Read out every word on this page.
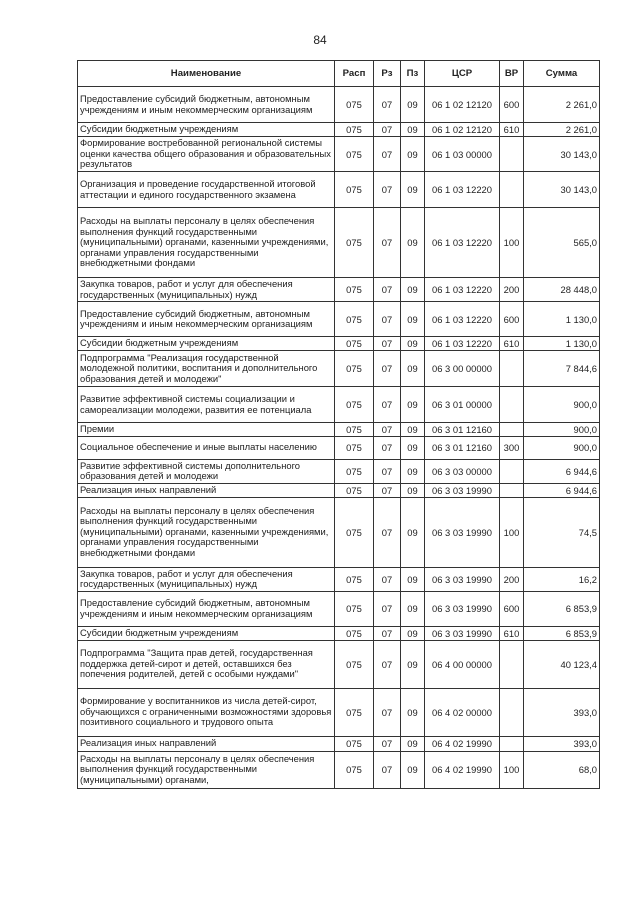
84
Наименование	Расп	Рз	Пз	ЦСР	ВР	Сумма
Предоставление субсидий бюджетным, автономным учреждениям и иным некоммерческим организациям	075	07	09	06 1 02 12120	600	2 261,0
Субсидии бюджетным учреждениям	075	07	09	06 1 02 12120	610	2 261,0
Формирование востребованной региональной системы оценки качества общего образования и образовательных результатов	075	07	09	06 1 03 00000		30 143,0
Организация и проведение государственной итоговой аттестации и единого государственного экзамена	075	07	09	06 1 03 12220		30 143,0
Расходы на выплаты персоналу в целях обеспечения выполнения функций государственными (муниципальными) органами, казенными учреждениями, органами управления государственными внебюджетными фондами	075	07	09	06 1 03 12220	100	565,0
Закупка товаров, работ и услуг для обеспечения государственных (муниципальных) нужд	075	07	09	06 1 03 12220	200	28 448,0
Предоставление субсидий бюджетным, автономным учреждениям и иным некоммерческим организациям	075	07	09	06 1 03 12220	600	1 130,0
Субсидии бюджетным учреждениям	075	07	09	06 1 03 12220	610	1 130,0
Подпрограмма "Реализация государственной молодежной политики, воспитания и дополнительного образования детей и молодежи"	075	07	09	06 3 00 00000		7 844,6
Развитие эффективной системы социализации и самореализации молодежи, развития ее потенциала	075	07	09	06 3 01 00000		900,0
Премии	075	07	09	06 3 01 12160		900,0
Социальное обеспечение и иные выплаты населению	075	07	09	06 3 01 12160	300	900,0
Развитие эффективной системы дополнительного образования детей и молодежи	075	07	09	06 3 03 00000		6 944,6
Реализация иных направлений	075	07	09	06 3 03 19990		6 944,6
Расходы на выплаты персоналу в целях обеспечения выполнения функций государственными (муниципальными) органами, казенными учреждениями, органами управления государственными внебюджетными фондами	075	07	09	06 3 03 19990	100	74,5
Закупка товаров, работ и услуг для обеспечения государственных (муниципальных) нужд	075	07	09	06 3 03 19990	200	16,2
Предоставление субсидий бюджетным, автономным учреждениям и иным некоммерческим организациям	075	07	09	06 3 03 19990	600	6 853,9
Субсидии бюджетным учреждениям	075	07	09	06 3 03 19990	610	6 853,9
Подпрограмма "Защита прав детей, государственная поддержка детей-сирот и детей, оставшихся без попечения родителей, детей с особыми нуждами"	075	07	09	06 4 00 00000		40 123,4
Формирование у воспитанников из числа детей-сирот, обучающихся с ограниченными возможностями здоровья позитивного социального и трудового опыта	075	07	09	06 4 02 00000		393,0
Реализация иных направлений	075	07	09	06 4 02 19990		393,0
Расходы на выплаты персоналу в целях обеспечения выполнения функций государственными (муниципальными) органами,	075	07	09	06 4 02 19990	100	68,0
